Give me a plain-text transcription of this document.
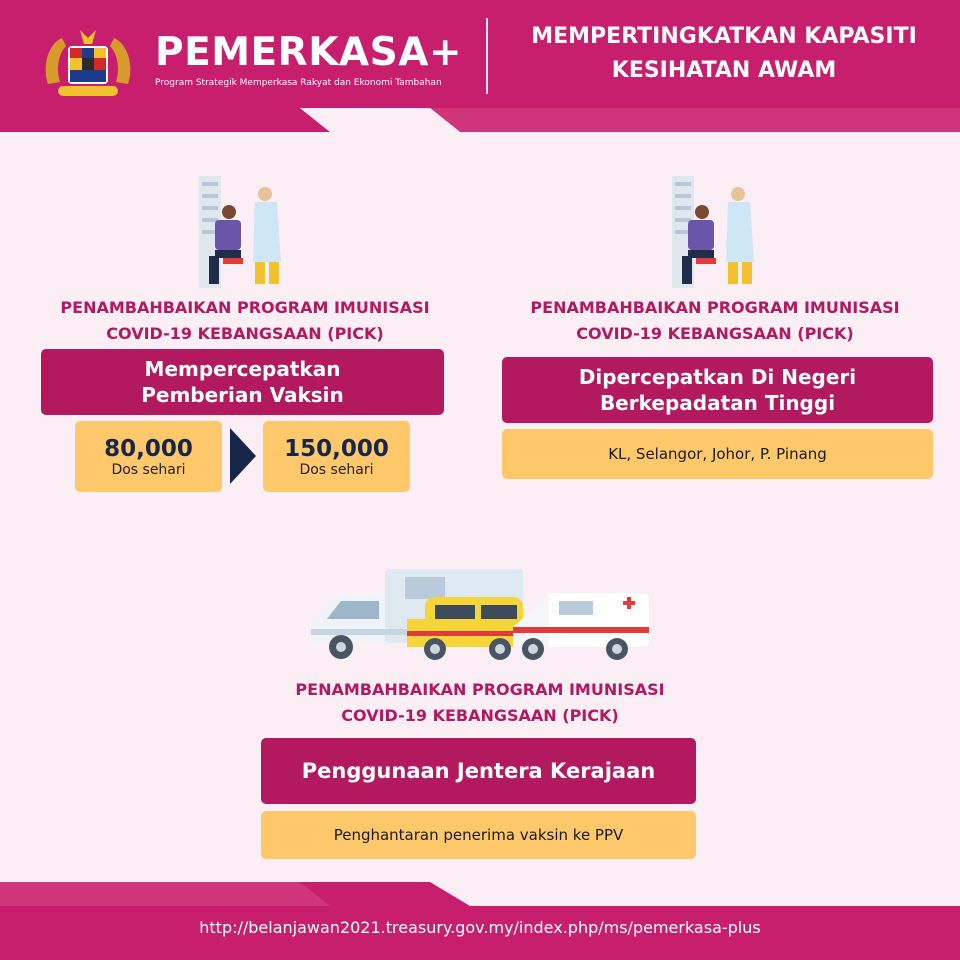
PEMERKASA+
Program Strategik Memperkasa Rakyat dan Ekonomi Tambahan
MEMPERTINGKATKAN KAPASITI
KESIHATAN AWAM
PENAMBAHBAIKAN PROGRAM IMUNISASI
COVID-19 KEBANGSAAN (PICK)
Mempercepatkan
Pemberian Vaksin
80,000
Dos sehari
150,000
Dos sehari
PENAMBAHBAIKAN PROGRAM IMUNISASI
COVID-19 KEBANGSAAN (PICK)
Dipercepatkan Di Negeri
Berkepadatan Tinggi
KL, Selangor, Johor, P. Pinang
PENAMBAHBAIKAN PROGRAM IMUNISASI
COVID-19 KEBANGSAAN (PICK)
Penggunaan Jentera Kerajaan
Penghantaran penerima vaksin ke PPV
http://belanjawan2021.treasury.gov.my/index.php/ms/pemerkasa-plus
